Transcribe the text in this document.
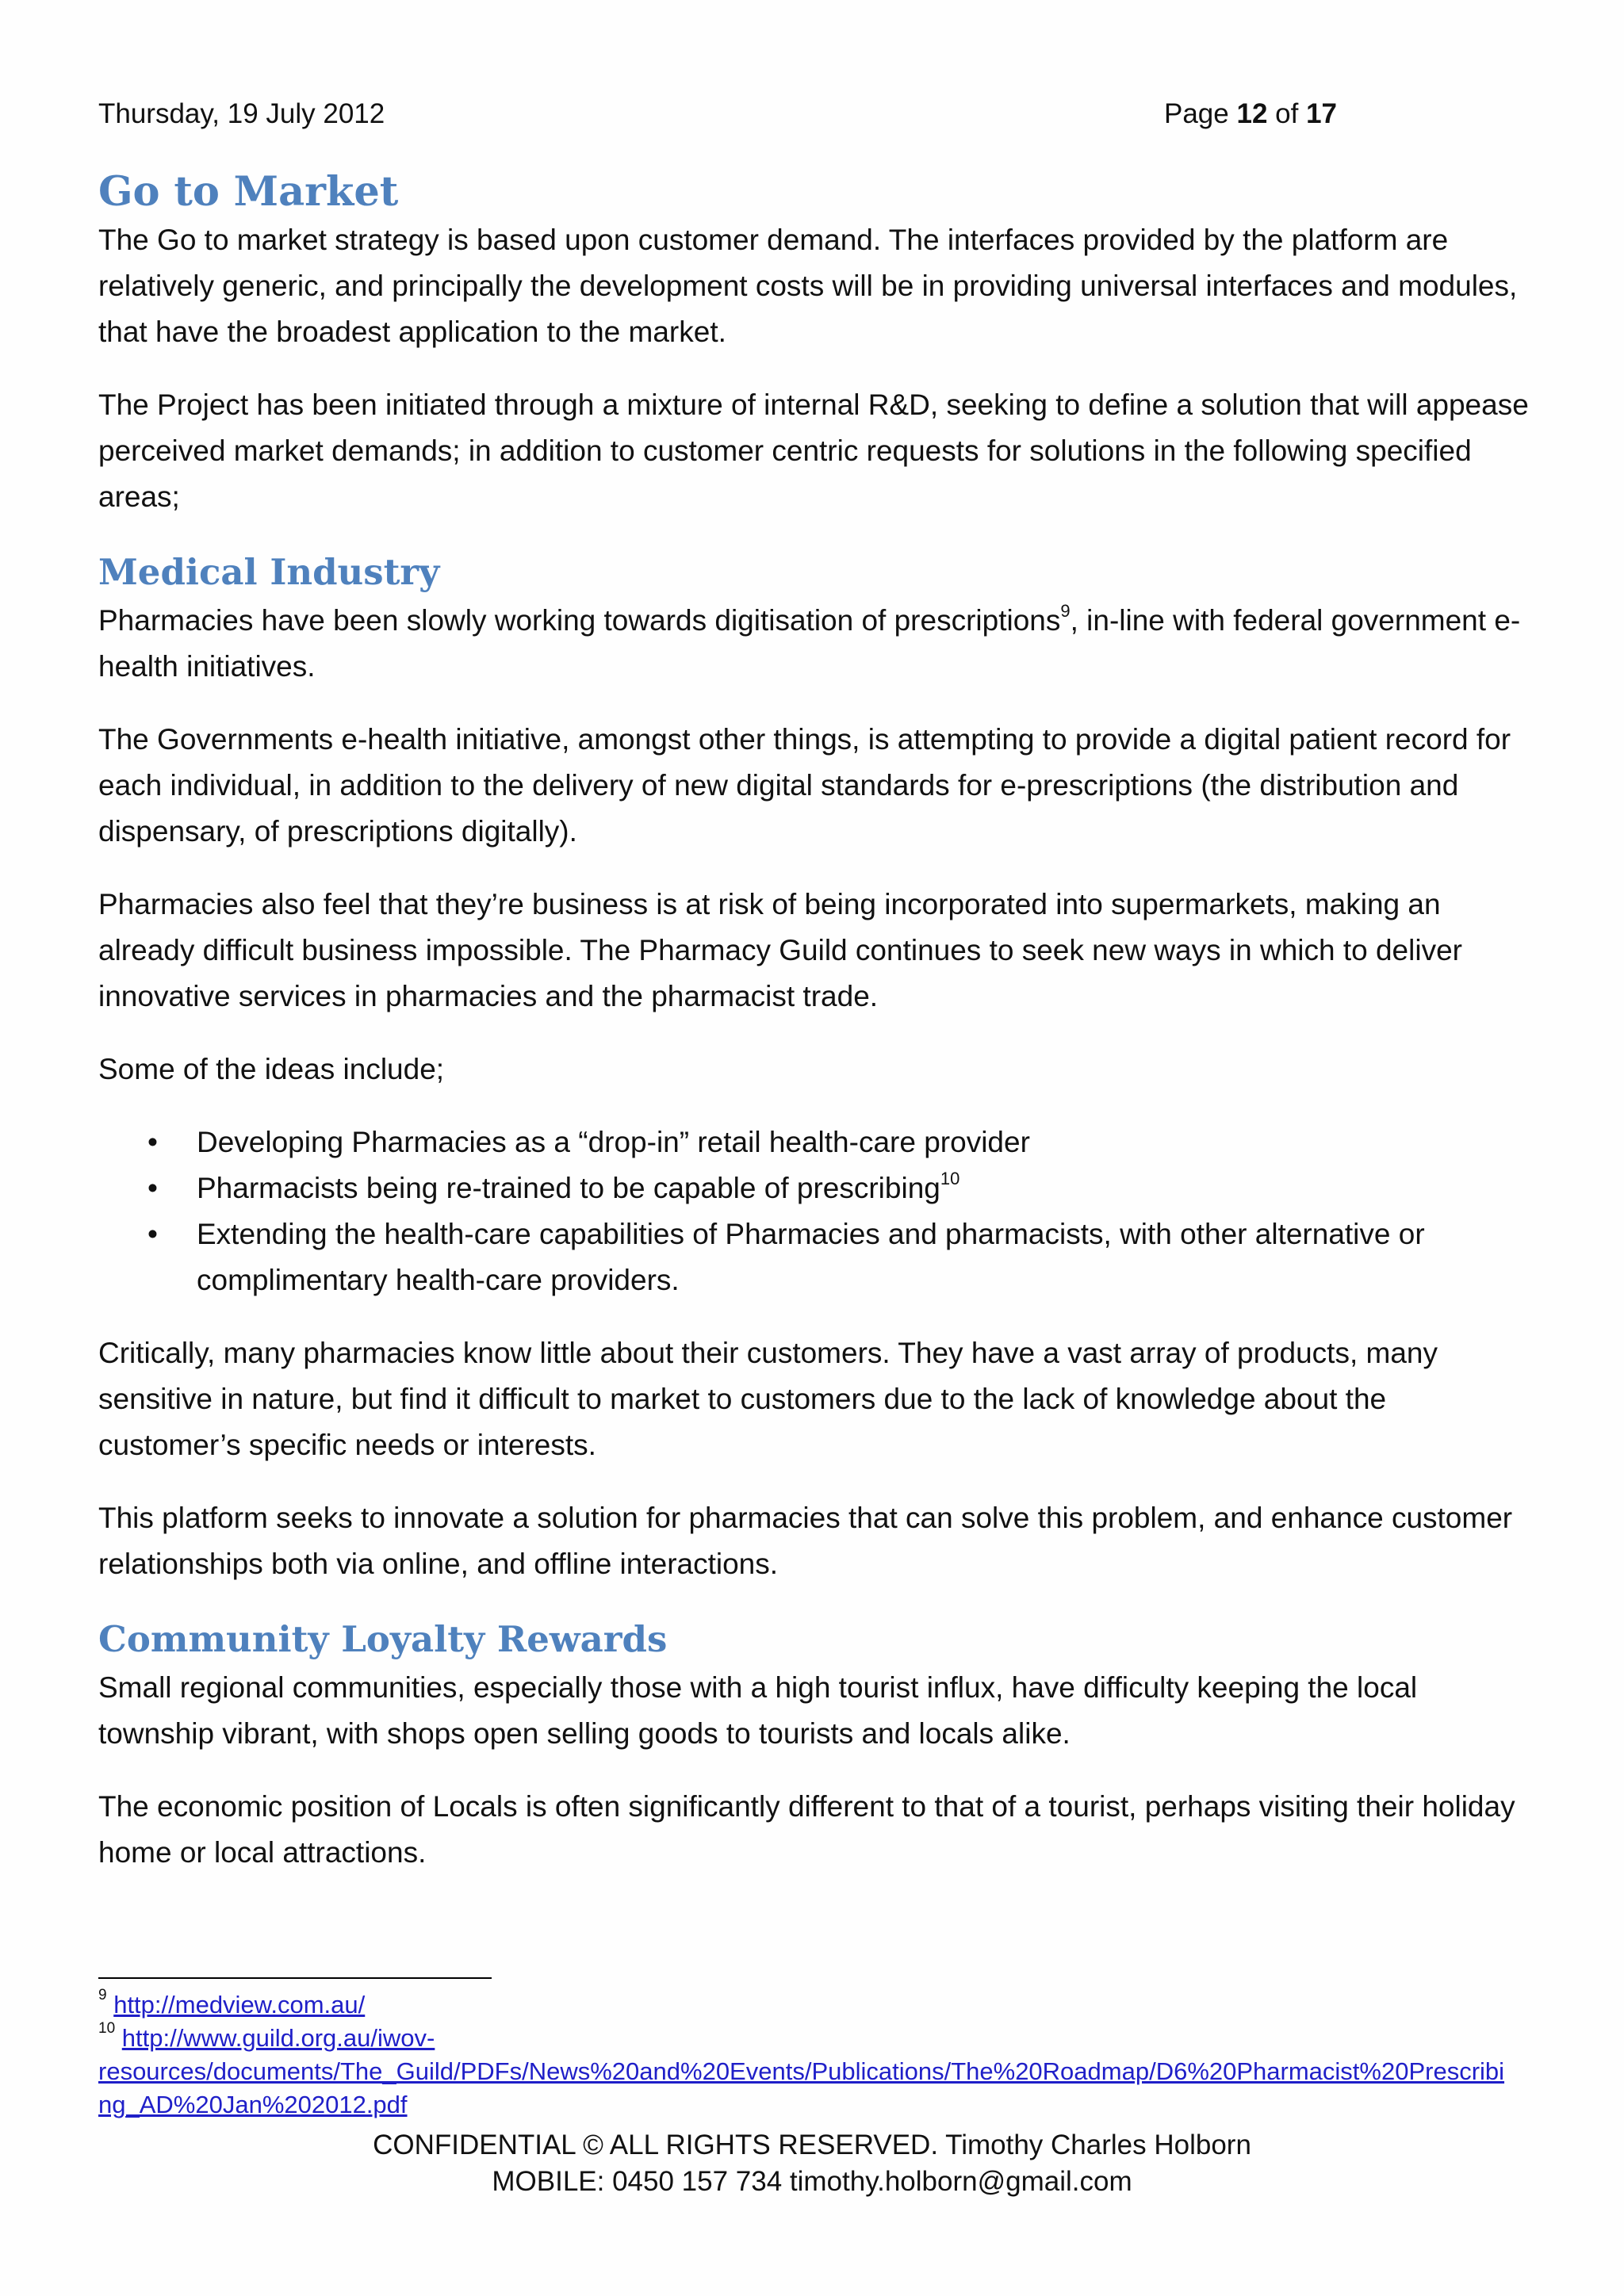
Thursday, 19 July 2012	Page 12 of 17
Go to Market

The Go to market strategy is based upon customer demand. The interfaces provided by the platform are relatively generic, and principally the development costs will be in providing universal interfaces and modules, that have the broadest application to the market.

The Project has been initiated through a mixture of internal R&D, seeking to define a solution that will appease perceived market demands; in addition to customer centric requests for solutions in the following specified areas;

Medical Industry

Pharmacies have been slowly working towards digitisation of prescriptions$^9$, in-line with federal government e-health initiatives.

The Governments e-health initiative, amongst other things, is attempting to provide a digital patient record for each individual, in addition to the delivery of new digital standards for e-prescriptions (the distribution and dispensary, of prescriptions digitally).

Pharmacies also feel that they’re business is at risk of being incorporated into supermarkets, making an already difficult business impossible. The Pharmacy Guild continues to seek new ways in which to deliver innovative services in pharmacies and the pharmacist trade.

Some of the ideas include;

• Developing Pharmacies as a “drop-in” retail health-care provider
• Pharmacists being re-trained to be capable of prescribing$^{10}$
• Extending the health-care capabilities of Pharmacies and pharmacists, with other alternative or complimentary health-care providers.

Critically, many pharmacies know little about their customers. They have a vast array of products, many sensitive in nature, but find it difficult to market to customers due to the lack of knowledge about the customer’s specific needs or interests.

This platform seeks to innovate a solution for pharmacies that can solve this problem, and enhance customer relationships both via online, and offline interactions.

Community Loyalty Rewards

Small regional communities, especially those with a high tourist influx, have difficulty keeping the local township vibrant, with shops open selling goods to tourists and locals alike.

The economic position of Locals is often significantly different to that of a tourist, perhaps visiting their holiday home or local attractions.

$^9$ http://medview.com.au/
$^{10}$ http://www.guild.org.au/iwov-
resources/documents/The_Guild/PDFs/News%20and%20Events/Publications/The%20Roadmap/D6%20Pharmacist%20Prescribi
ng_AD%20Jan%202012.pdf
CONFIDENTIAL © ALL RIGHTS RESERVED. Timothy Charles Holborn
MOBILE: 0450 157 734 timothy.holborn@gmail.com
